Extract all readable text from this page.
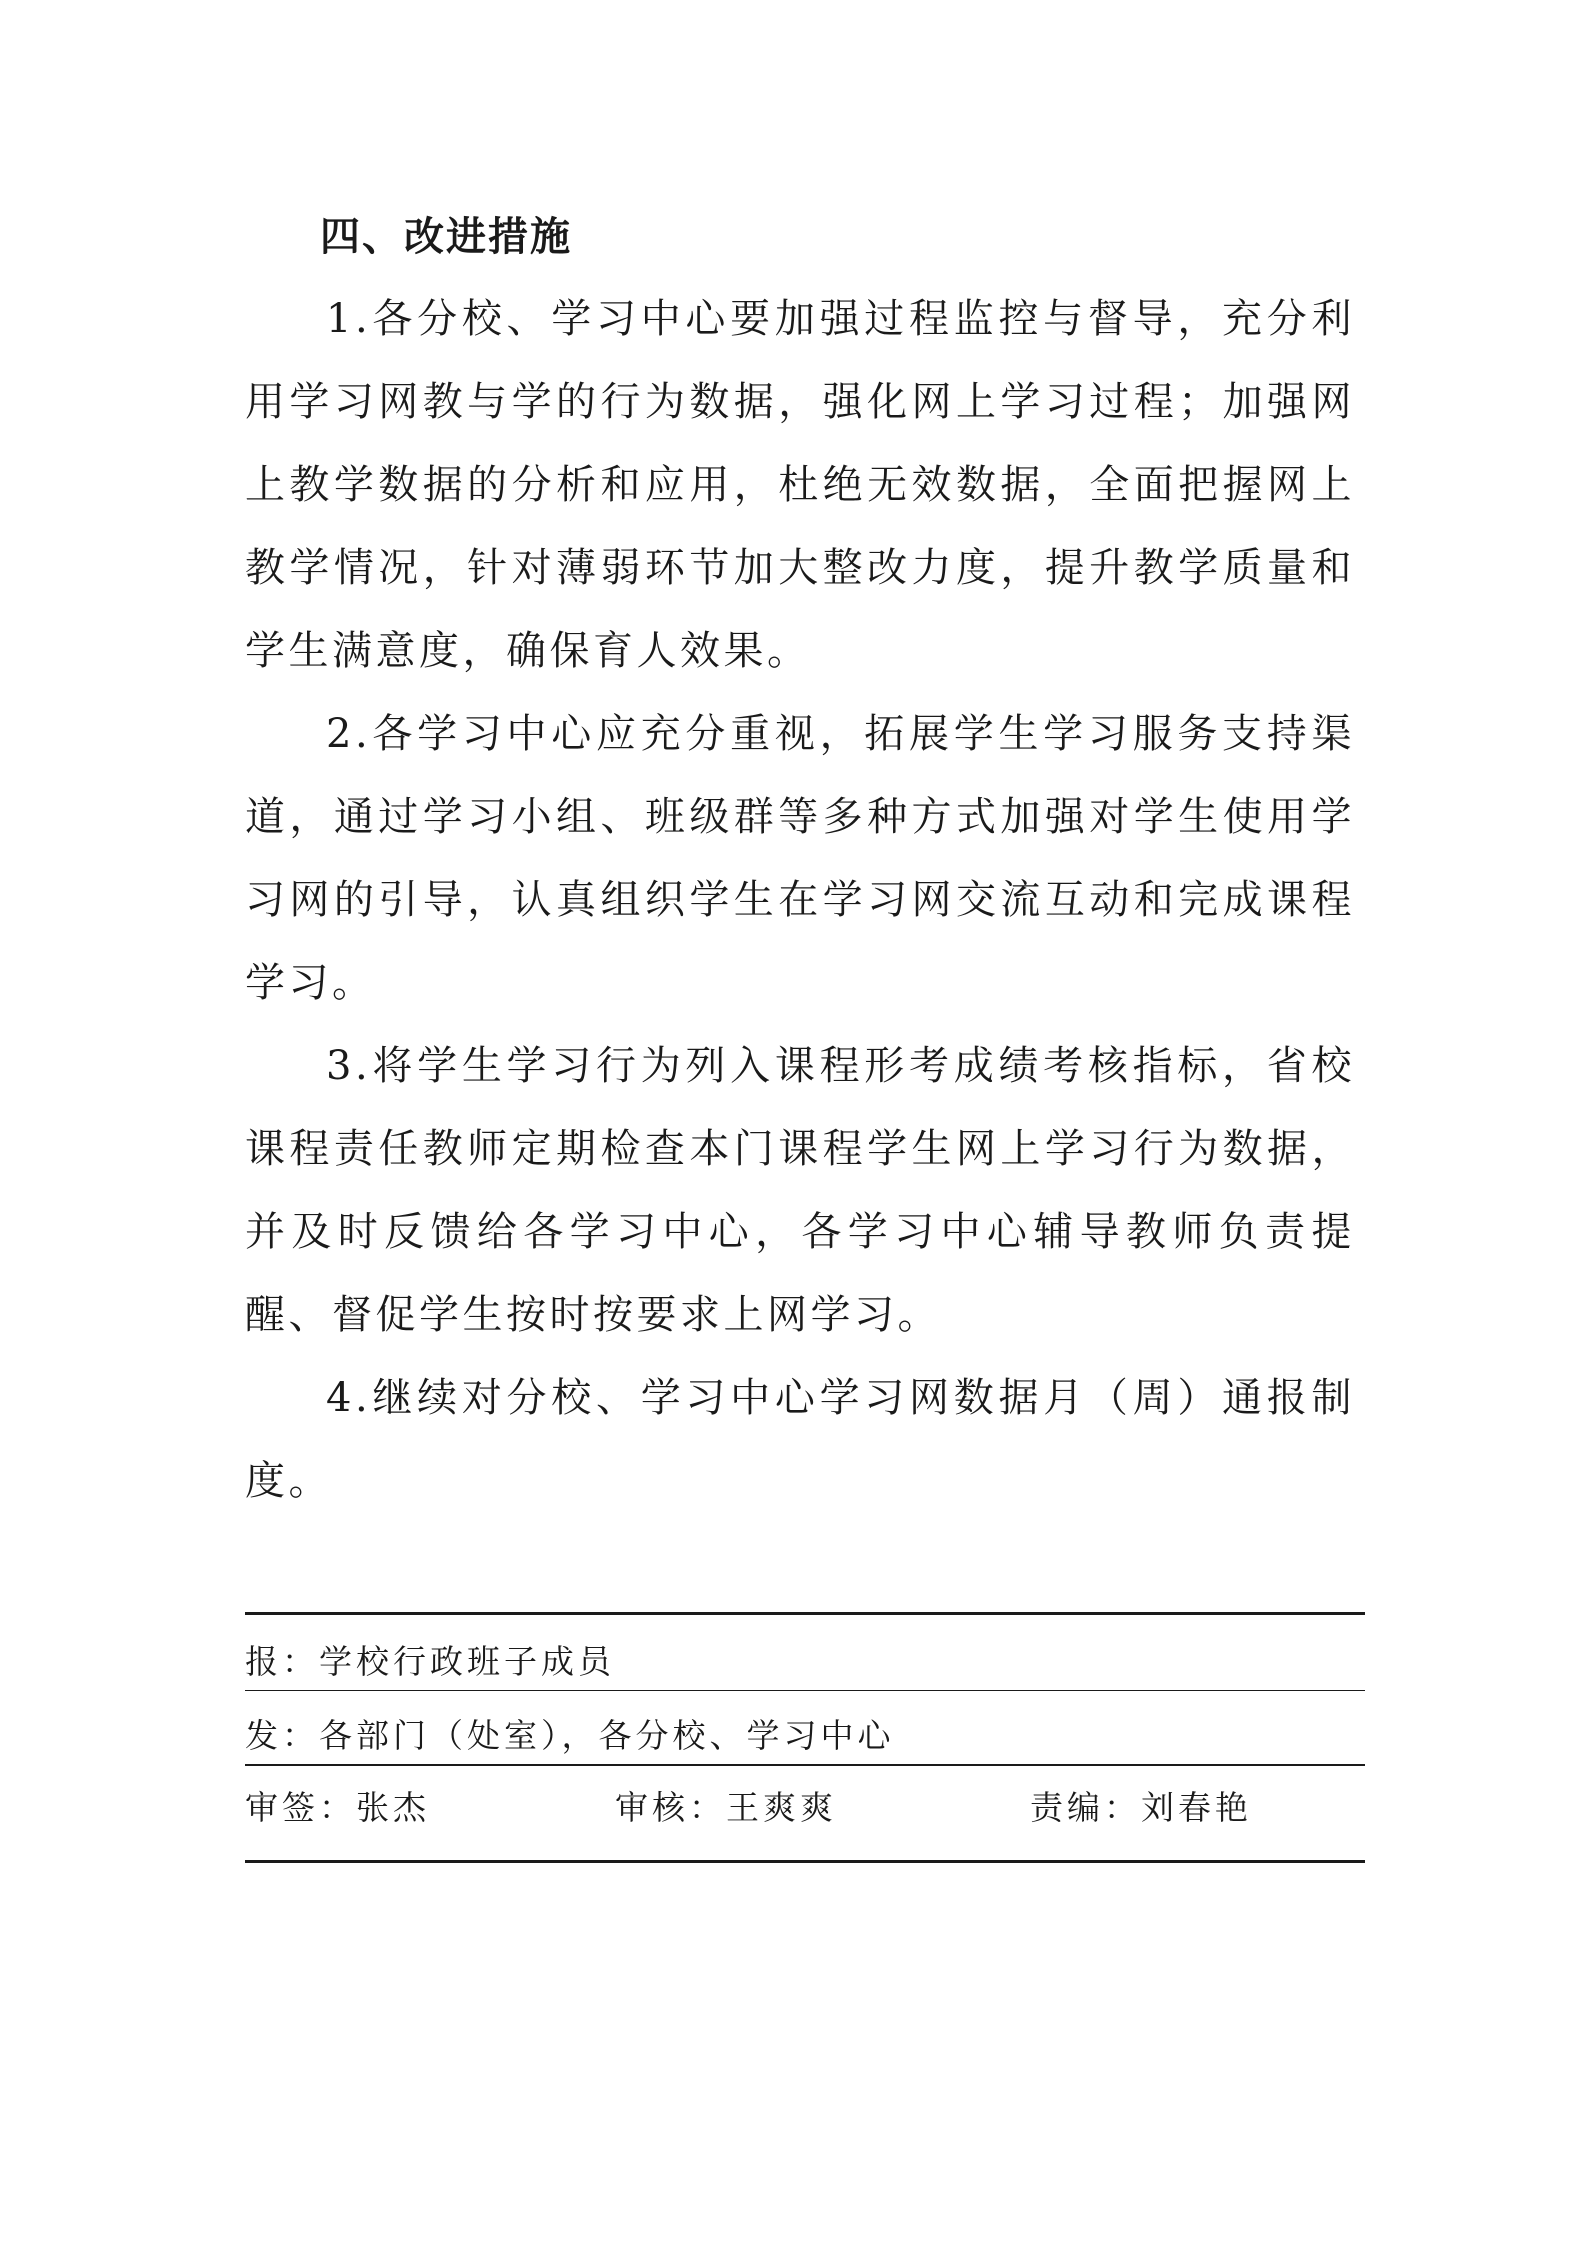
四、改进措施

1.各分校、学习中心要加强过程监控与督导，充分利用学习网教与学的行为数据，强化网上学习过程；加强网上教学数据的分析和应用，杜绝无效数据，全面把握网上教学情况，针对薄弱环节加大整改力度，提升教学质量和学生满意度，确保育人效果。

2.各学习中心应充分重视，拓展学生学习服务支持渠道，通过学习小组、班级群等多种方式加强对学生使用学习网的引导，认真组织学生在学习网交流互动和完成课程学习。

3.将学生学习行为列入课程形考成绩考核指标，省校课程责任教师定期检查本门课程学生网上学习行为数据，并及时反馈给各学习中心，各学习中心辅导教师负责提醒、督促学生按时按要求上网学习。

4.继续对分校、学习中心学习网数据月（周）通报制度。

报：学校行政班子成员
发：各部门（处室），各分校、学习中心
审签：张杰	审核：王爽爽	责编：刘春艳
